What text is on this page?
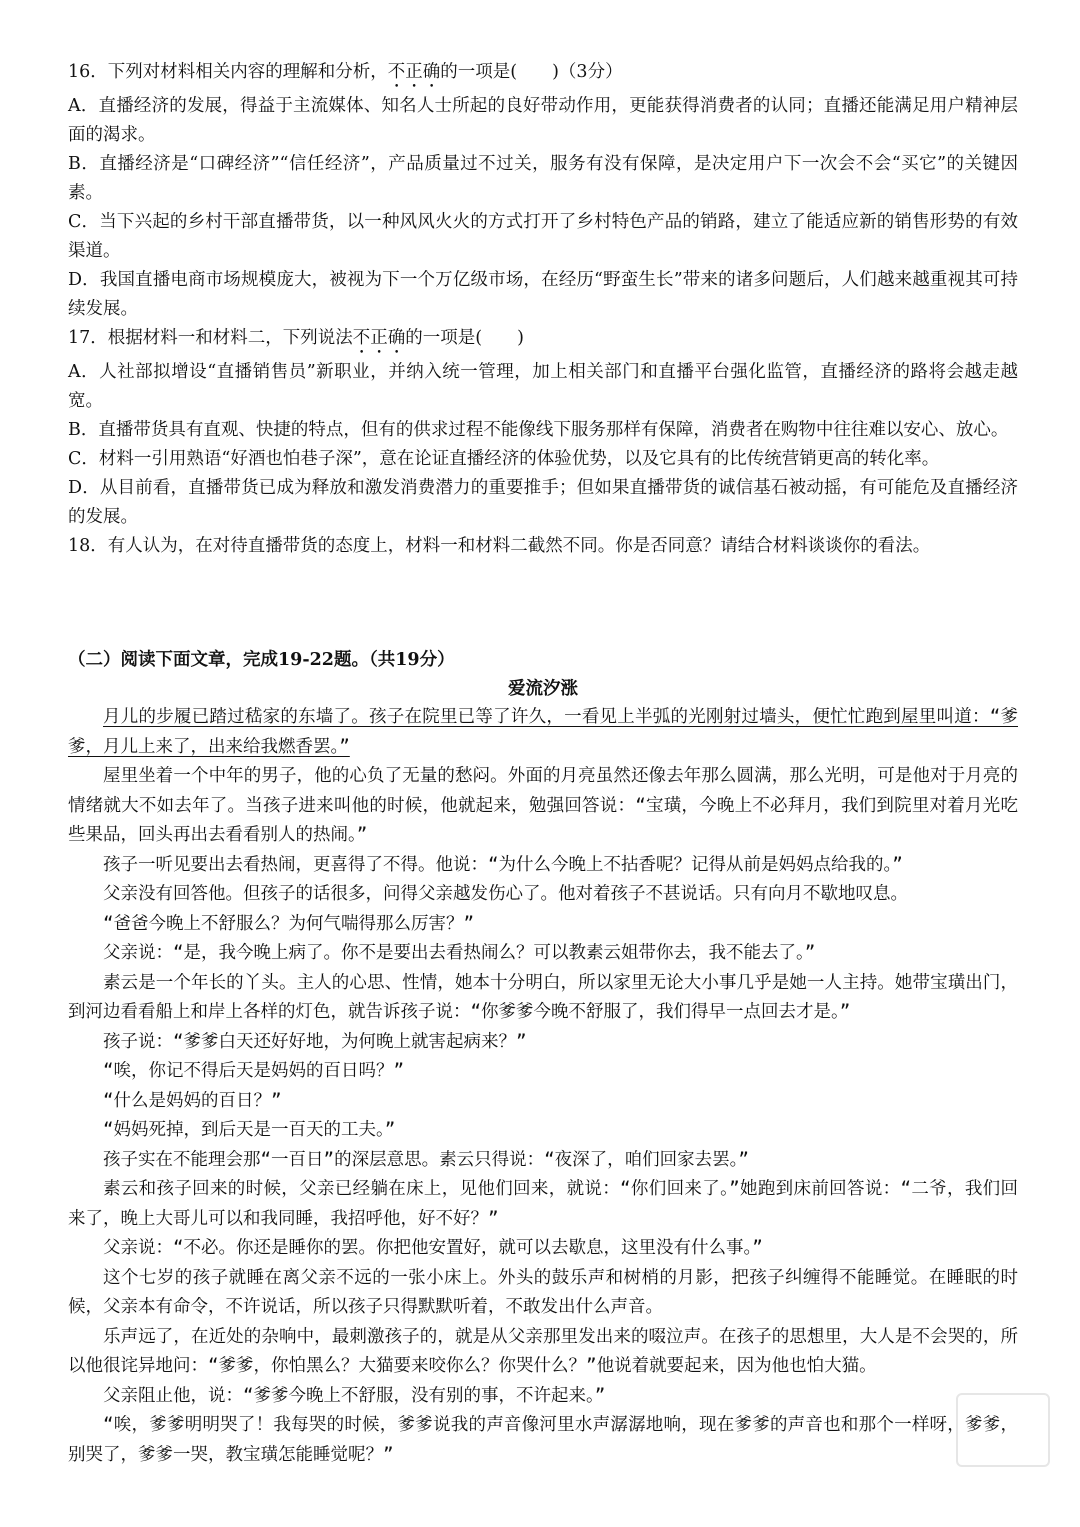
16．下列对材料相关内容的理解和分析，不正确的一项是(　　)（3分）

A．直播经济的发展，得益于主流媒体、知名人士所起的良好带动作用，更能获得消费者的认同；直播还能满足用户精神层面的渴求。

B．直播经济是“口碑经济”“信任经济”，产品质量过不过关，服务有没有保障，是决定用户下一次会不会“买它”的关键因素。

C．当下兴起的乡村干部直播带货，以一种风风火火的方式打开了乡村特色产品的销路，建立了能适应新的销售形势的有效渠道。

D．我国直播电商市场规模庞大，被视为下一个万亿级市场，在经历“野蛮生长”带来的诸多问题后，人们越来越重视其可持续发展。

17．根据材料一和材料二，下列说法不正确的一项是(　　)

A．人社部拟增设“直播销售员”新职业，并纳入统一管理，加上相关部门和直播平台强化监管，直播经济的路将会越走越宽。

B．直播带货具有直观、快捷的特点，但有的供求过程不能像线下服务那样有保障，消费者在购物中往往难以安心、放心。

C．材料一引用熟语“好酒也怕巷子深”，意在论证直播经济的体验优势，以及它具有的比传统营销更高的转化率。

D．从目前看，直播带货已成为释放和激发消费潜力的重要推手；但如果直播带货的诚信基石被动摇，有可能危及直播经济的发展。

18．有人认为，在对待直播带货的态度上，材料一和材料二截然不同。你是否同意？请结合材料谈谈你的看法。

（二）阅读下面文章，完成19-22题。（共19分）

爱流汐涨

月儿的步履已踏过嵇家的东墙了。孩子在院里已等了许久，一看见上半弧的光刚射过墙头，便忙忙跑到屋里叫道：“爹爹，月儿上来了，出来给我燃香罢。”

屋里坐着一个中年的男子，他的心负了无量的愁闷。外面的月亮虽然还像去年那么圆满，那么光明，可是他对于月亮的情绪就大不如去年了。当孩子进来叫他的时候，他就起来，勉强回答说：“宝璜，今晚上不必拜月，我们到院里对着月光吃些果品，回头再出去看看别人的热闹。”

孩子一听见要出去看热闹，更喜得了不得。他说：“为什么今晚上不拈香呢？记得从前是妈妈点给我的。”

父亲没有回答他。但孩子的话很多，问得父亲越发伤心了。他对着孩子不甚说话。只有向月不歇地叹息。

“爸爸今晚上不舒服么？为何气喘得那么厉害？”

父亲说：“是，我今晚上病了。你不是要出去看热闹么？可以教素云姐带你去，我不能去了。”

素云是一个年长的丫头。主人的心思、性情，她本十分明白，所以家里无论大小事几乎是她一人主持。她带宝璜出门，到河边看看船上和岸上各样的灯色，就告诉孩子说：“你爹爹今晚不舒服了，我们得早一点回去才是。”

孩子说：“爹爹白天还好好地，为何晚上就害起病来？”

“唉，你记不得后天是妈妈的百日吗？”

“什么是妈妈的百日？”

“妈妈死掉，到后天是一百天的工夫。”

孩子实在不能理会那“一百日”的深层意思。素云只得说：“夜深了，咱们回家去罢。”

素云和孩子回来的时候，父亲已经躺在床上，见他们回来，就说：“你们回来了。”她跑到床前回答说：“二爷，我们回来了，晚上大哥儿可以和我同睡，我招呼他，好不好？”

父亲说：“不必。你还是睡你的罢。你把他安置好，就可以去歇息，这里没有什么事。”

这个七岁的孩子就睡在离父亲不远的一张小床上。外头的鼓乐声和树梢的月影，把孩子纠缠得不能睡觉。在睡眠的时候，父亲本有命令，不许说话，所以孩子只得默默听着，不敢发出什么声音。

乐声远了，在近处的杂响中，最刺激孩子的，就是从父亲那里发出来的啜泣声。在孩子的思想里，大人是不会哭的，所以他很诧异地问：“爹爹，你怕黑么？大猫要来咬你么？你哭什么？”他说着就要起来，因为他也怕大猫。

父亲阻止他，说：“爹爹今晚上不舒服，没有别的事，不许起来。”

“唉，爹爹明明哭了！我每哭的时候，爹爹说我的声音像河里水声潺潺地响，现在爹爹的声音也和那个一样呀，爹爹，别哭了，爹爹一哭，教宝璜怎能睡觉呢？”
